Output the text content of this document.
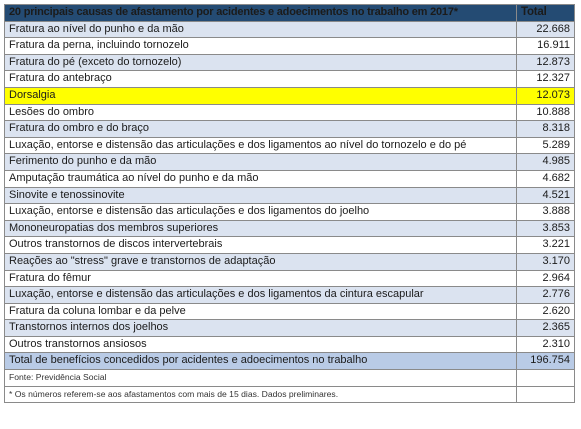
20 principais causas de afastamento por acidentes e adoecimentos no trabalho em 2017*	Total
Fratura ao nível do punho e da mão	22.668
Fratura da perna, incluindo tornozelo	16.911
Fratura do pé (exceto do tornozelo)	12.873
Fratura do antebraço	12.327
Dorsalgia	12.073
Lesões do ombro	10.888
Fratura do ombro e do braço	8.318
Luxação, entorse e distensão das articulações e dos ligamentos ao nível do tornozelo e do pé	5.289
Ferimento do punho e da mão	4.985
Amputação traumática ao nível do punho e da mão	4.682
Sinovite e tenossinovite	4.521
Luxação, entorse e distensão das articulações e dos ligamentos do joelho	3.888
Mononeuropatias dos membros superiores	3.853
Outros transtornos de discos intervertebrais	3.221
Reações ao "stress" grave e transtornos de adaptação	3.170
Fratura do fêmur	2.964
Luxação, entorse e distensão das articulações e dos ligamentos da cintura escapular	2.776
Fratura da coluna lombar e da pelve	2.620
Transtornos internos dos joelhos	2.365
Outros transtornos ansiosos	2.310
Total de benefícios concedidos por acidentes e adoecimentos no trabalho	196.754
Fonte: Previdência Social	
* Os números referem-se aos afastamentos com mais de 15 dias. Dados preliminares.	
